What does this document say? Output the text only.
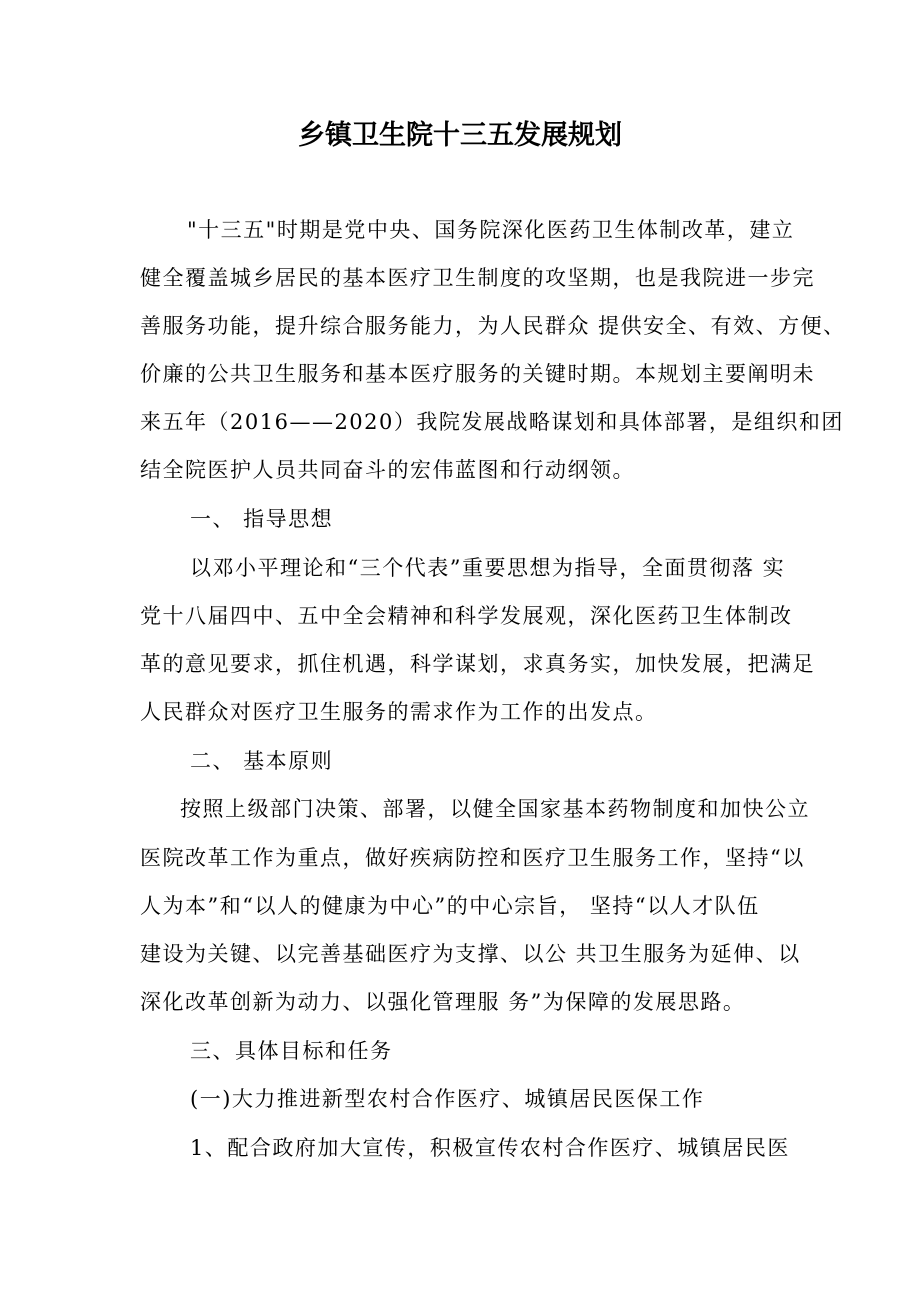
乡镇卫生院十三五发展规划
"十三五"时期是党中央、国务院深化医药卫生体制改革，建立
健全覆盖城乡居民的基本医疗卫生制度的攻坚期，也是我院进一步完
善服务功能，提升综合服务能力，为人民群众 提供安全、有效、方便、
价廉的公共卫生服务和基本医疗服务的关键时期。本规划主要阐明未
来五年（2016——2020）我院发展战略谋划和具体部署，是组织和团
结全院医护人员共同奋斗的宏伟蓝图和行动纲领。
一、 指导思想
以邓小平理论和“三个代表”重要思想为指导，全面贯彻落 实
党十八届四中、五中全会精神和科学发展观，深化医药卫生体制改
革的意见要求，抓住机遇，科学谋划，求真务实，加快发展，把满足
人民群众对医疗卫生服务的需求作为工作的出发点。
二、 基本原则
按照上级部门决策、部署，以健全国家基本药物制度和加快公立
医院改革工作为重点，做好疾病防控和医疗卫生服务工作，坚持“以
人为本”和“以人的健康为中心”的中心宗旨， 坚持“以人才队伍
建设为关键、以完善基础医疗为支撑、以公 共卫生服务为延伸、以
深化改革创新为动力、以强化管理服 务”为保障的发展思路。
三、具体目标和任务
(一)大力推进新型农村合作医疗、城镇居民医保工作
1、配合政府加大宣传，积极宣传农村合作医疗、城镇居民医
